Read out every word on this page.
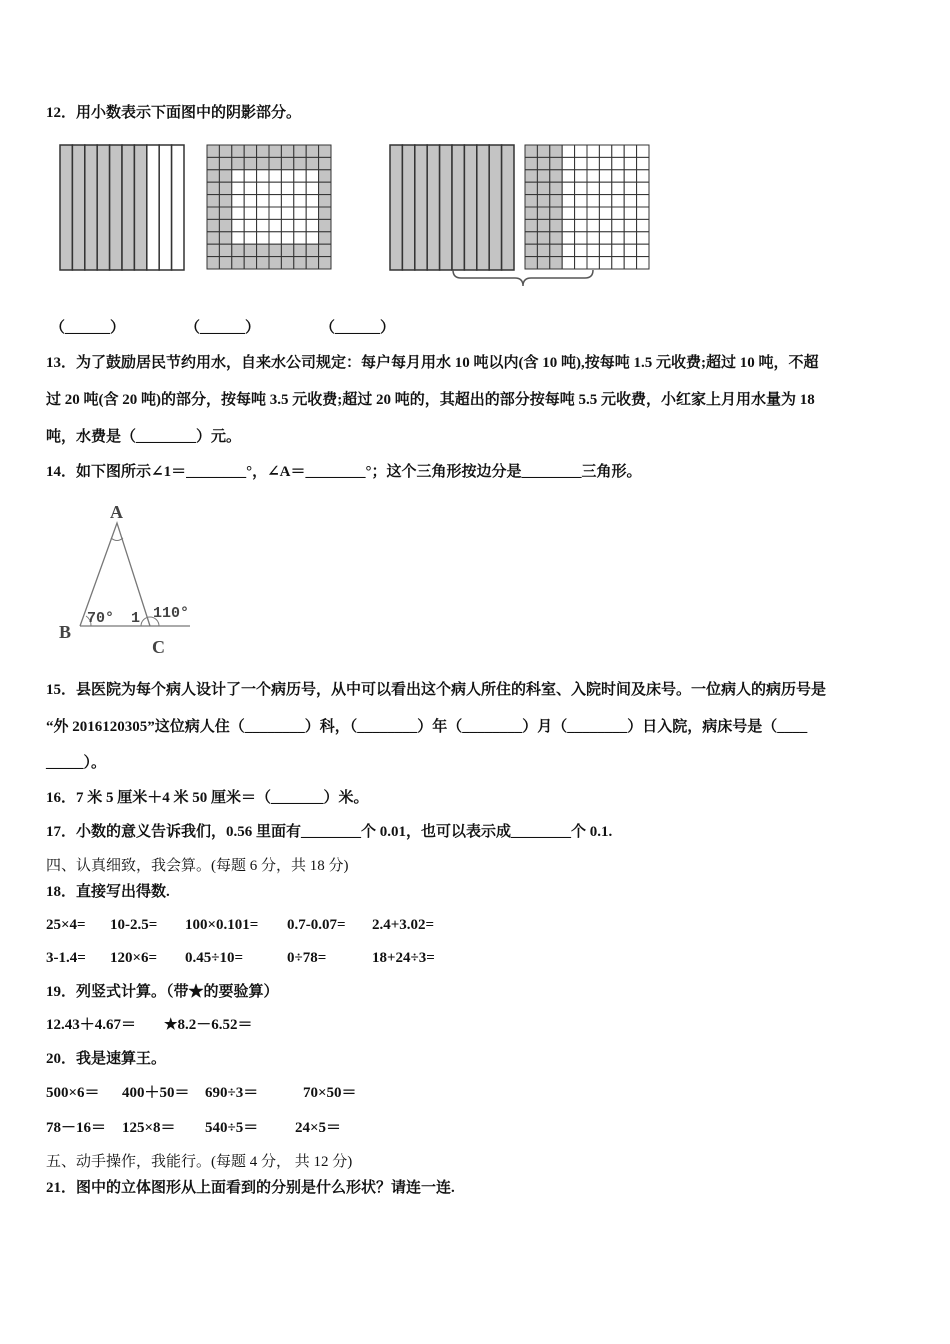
12．用小数表示下面图中的阴影部分。
（______）	（______）	（______）
13．为了鼓励居民节约用水，自来水公司规定：每户每月用水 10 吨以内(含 10 吨),按每吨 1.5 元收费;超过 10 吨，不超
过 20 吨(含 20 吨)的部分，按每吨 3.5 元收费;超过 20 吨的，其超出的部分按每吨 5.5 元收费，小红家上月用水量为 18
吨，水费是（________）元。
14．如下图所示∠1＝________°，∠A＝________°；这个三角形按边分是________三角形。
A
B
C
70° 1 110°
15．县医院为每个病人设计了一个病历号，从中可以看出这个病人所住的科室、入院时间及床号。一位病人的病历号是
“外 2016120305”这位病人住（________）科，（________）年（________）月（________）日入院，病床号是（____
_____）。
16．7 米 5 厘米＋4 米 50 厘米＝（_______）米。
17．小数的意义告诉我们，0.56 里面有________个 0.01，也可以表示成________个 0.1.
四、认真细致，我会算。(每题 6 分，共 18 分)
18．直接写出得数.
25×4= 10-2.5= 100×0.101= 0.7-0.07= 2.4+3.02=
3-1.4= 120×6= 0.45÷10=	0÷78=	18+24÷3=
19．列竖式计算。（带★的要验算）
12.43＋4.67＝ ★8.2－6.52＝
20．我是速算王。
500×6＝ 400＋50＝ 690÷3＝	70×50＝
78－16＝ 125×8＝ 540÷5＝ 24×5＝
五、动手操作，我能行。(每题 4 分， 共 12 分)
21．图中的立体图形从上面看到的分别是什么形状？请连一连.
